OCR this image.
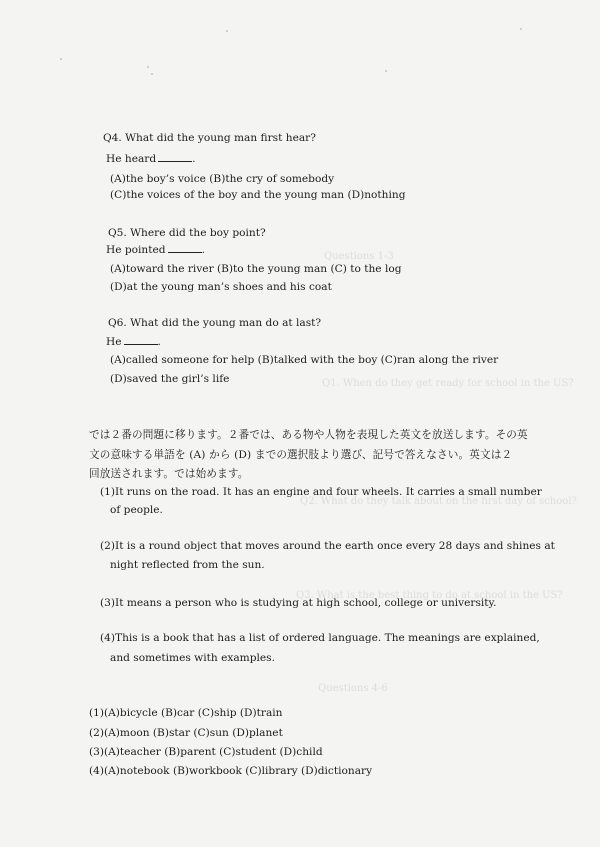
Questions 1-3
Q1. When do they get ready for school in the US?
Q2. What do they talk about on the first day of school?
Q3. What is the best thing to do at school in the US?
Questions 4-6
Q4. What did the young man first hear?
He heard	.
(A)the boy’s voice (B)the cry of somebody
(C)the voices of the boy and the young man (D)nothing
Q5. Where did the boy point?
He pointed	.
(A)toward the river (B)to the young man (C) to the log
(D)at the young man’s shoes and his coat
Q6. What did the young man do at last?
He	.
(A)called someone for help (B)talked with the boy (C)ran along the river
(D)saved the girl’s life
では２番の問題に移ります。２番では、ある物や人物を表現した英文を放送します。その英
文の意味する単語を (A) から (D) までの選択肢より選び、記号で答えなさい。英文は２
回放送されます。では始めます。
(1)It runs on the road. It has an engine and four wheels. It carries a small number
of people.
(2)It is a round object that moves around the earth once every 28 days and shines at
night reflected from the sun.
(3)It means a person who is studying at high school, college or university.
(4)This is a book that has a list of ordered language. The meanings are explained,
and sometimes with examples.
(1)(A)bicycle (B)car (C)ship (D)train
(2)(A)moon (B)star (C)sun (D)planet
(3)(A)teacher (B)parent (C)student (D)child
(4)(A)notebook (B)workbook (C)library (D)dictionary
